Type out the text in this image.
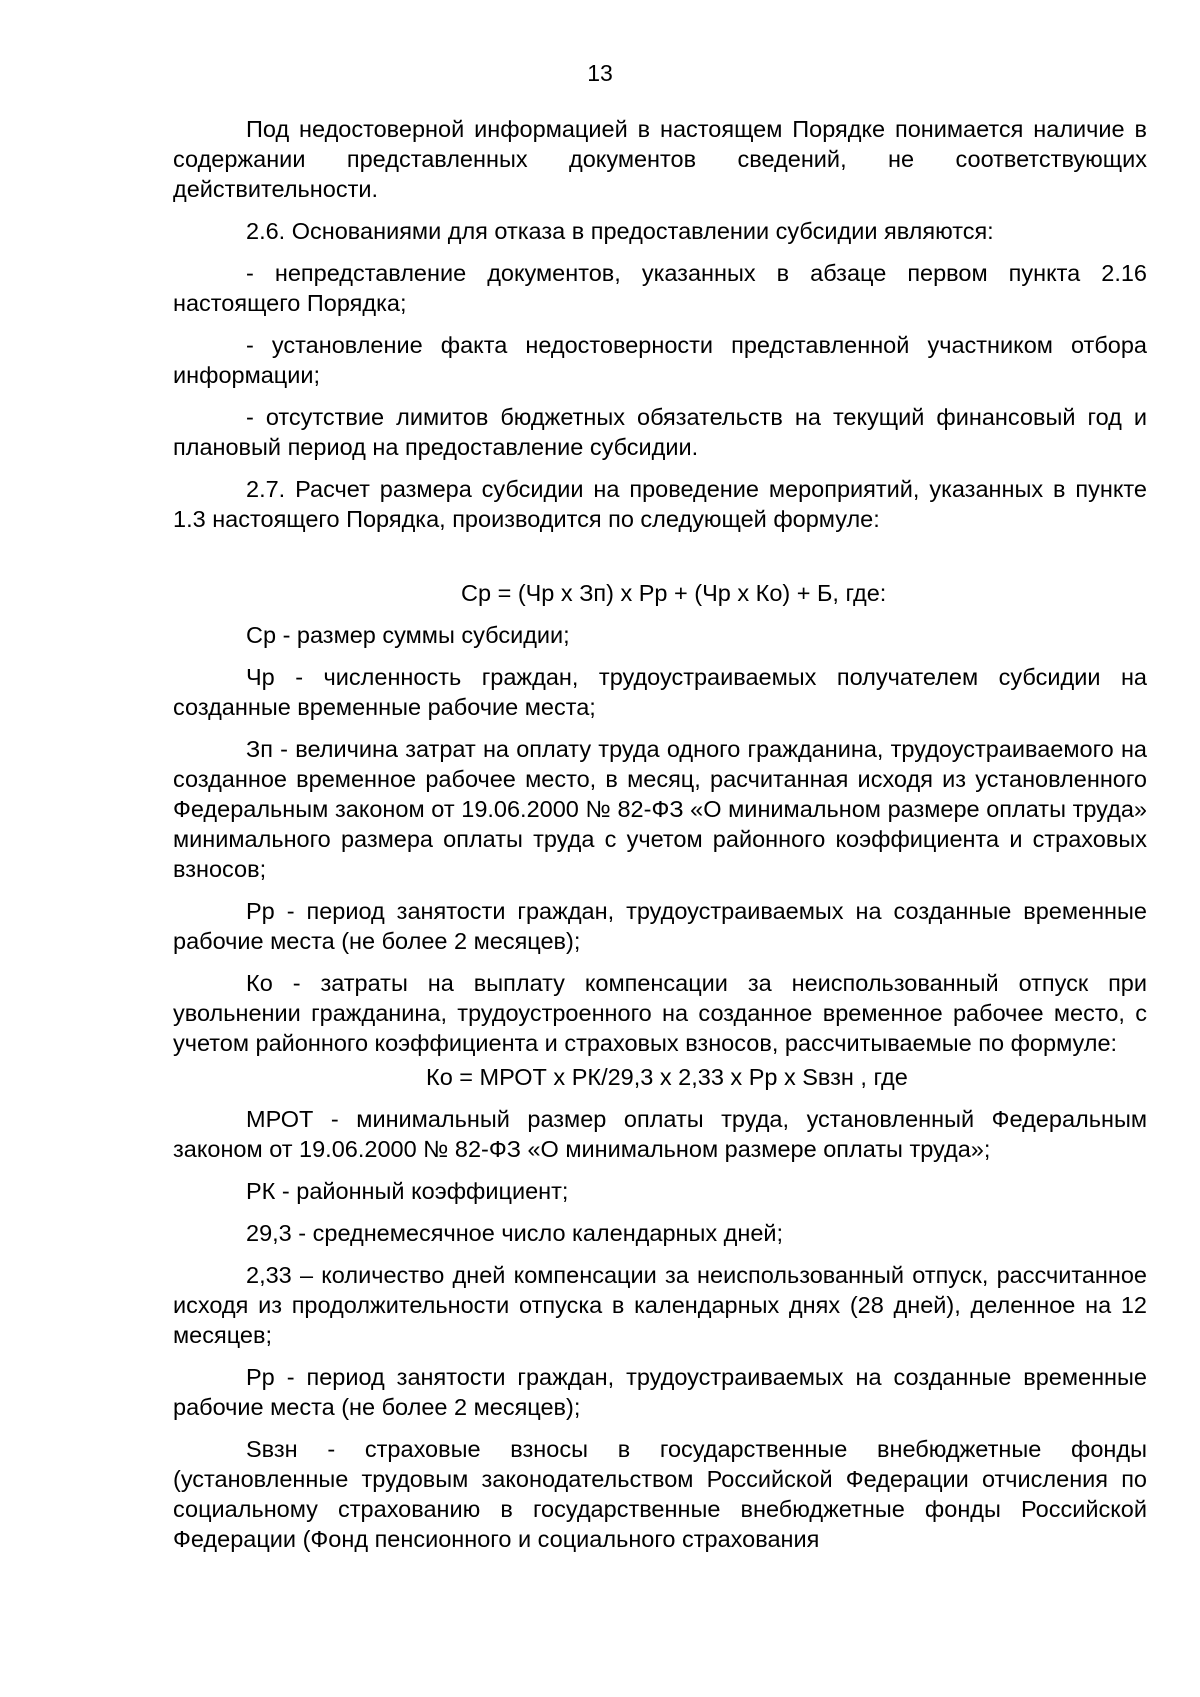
13

Под недостоверной информацией в настоящем Порядке понимается наличие в содержании представленных документов сведений, не соответствующих действительности.

2.6. Основаниями для отказа в предоставлении субсидии являются:

- непредставление документов, указанных в абзаце первом пункта 2.16 настоящего Порядка;

- установление факта недостоверности представленной участником отбора информации;

- отсутствие лимитов бюджетных обязательств на текущий финансовый год и плановый период на предоставление субсидии.

2.7. Расчет размера субсидии на проведение мероприятий, указанных в пункте 1.3 настоящего Порядка, производится по следующей формуле:

Ср = (Чр х Зп) х Рр + (Чр х Ко) + Б, где:

Ср - размер суммы субсидии;

Чр - численность граждан, трудоустраиваемых получателем субсидии на созданные временные рабочие места;

Зп - величина затрат на оплату труда одного гражданина, трудоустраиваемого на созданное временное рабочее место, в месяц, расчитанная исходя из установленного Федеральным законом от 19.06.2000 № 82-ФЗ «О минимальном размере оплаты труда» минимального размера оплаты труда с учетом районного коэффициента и страховых взносов;

Рр - период занятости граждан, трудоустраиваемых на созданные временные рабочие места (не более 2 месяцев);

Ко - затраты на выплату компенсации за неиспользованный отпуск при увольнении гражданина, трудоустроенного на созданное временное рабочее место, с учетом районного коэффициента и страховых взносов, рассчитываемые по формуле:

Ко = МРОТ х РК/29,3 х 2,33 х Рр х Sвзн , где

МРОТ - минимальный размер оплаты труда, установленный Федеральным законом от 19.06.2000 № 82-ФЗ «О минимальном размере оплаты труда»;

РК - районный коэффициент;

29,3 - среднемесячное число календарных дней;

2,33 – количество дней компенсации за неиспользованный отпуск, рассчитанное исходя из продолжительности отпуска в календарных днях (28 дней), деленное на 12 месяцев;

Рр - период занятости граждан, трудоустраиваемых на созданные временные рабочие места (не более 2 месяцев);

Sвзн - страховые взносы в государственные внебюджетные фонды (установленные трудовым законодательством Российской Федерации отчисления по социальному страхованию в государственные внебюджетные фонды Российской Федерации (Фонд пенсионного и социального страхования
